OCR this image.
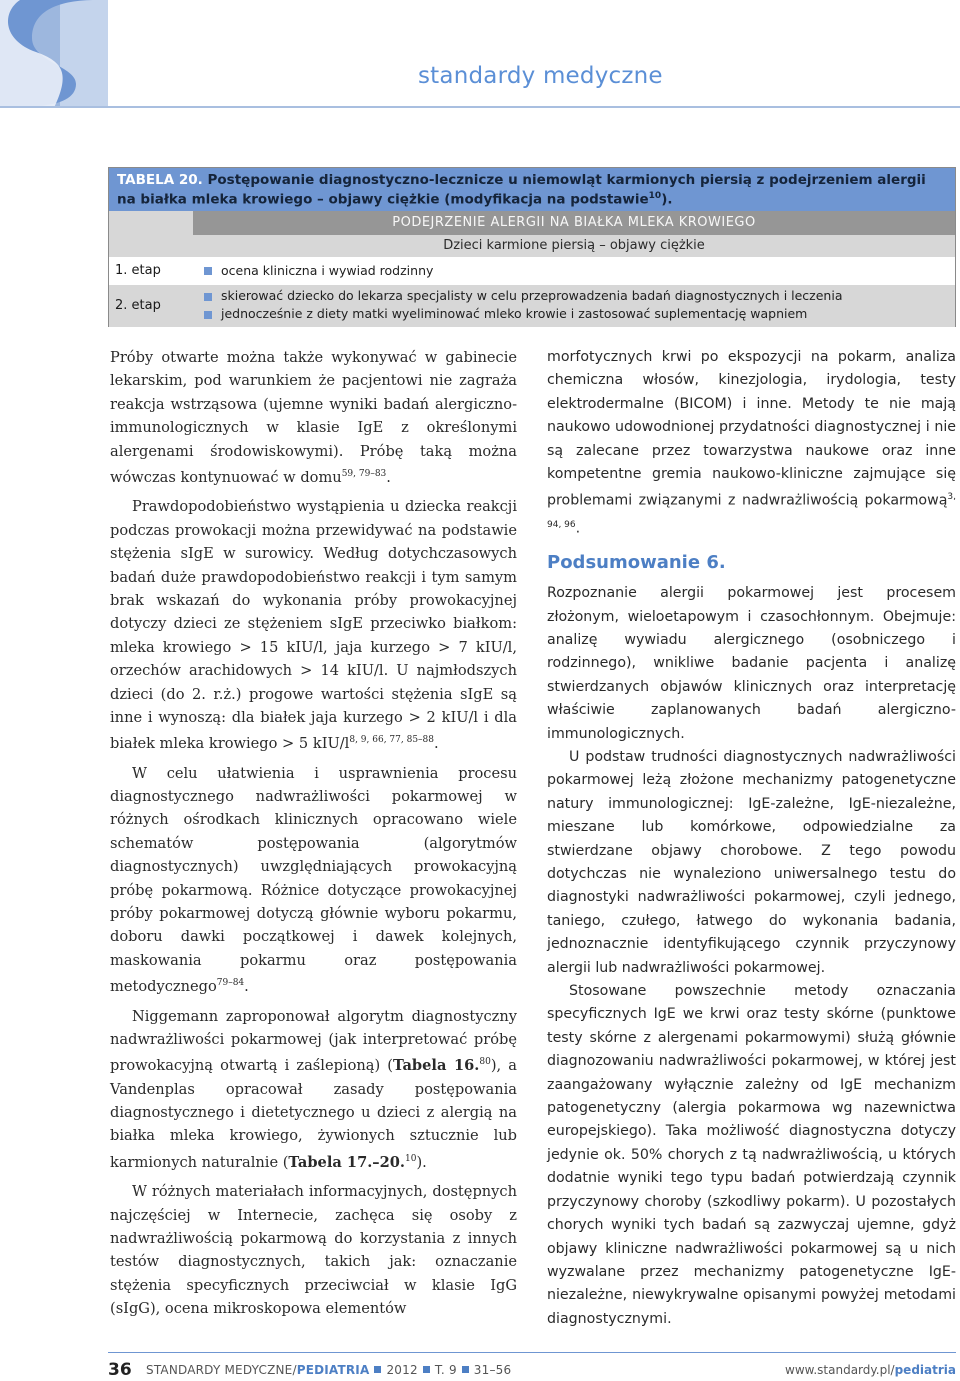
standardy medyczne
TABELA 20. Postępowanie diagnostyczno-lecznicze u niemowląt karmionych piersią z podejrzeniem alergii na białka mleka krowiego – objawy ciężkie (modyfikacja na podstawie$^{10}$).
PODEJRZENIE ALERGII NA BIAŁKA MLEKA KROWIEGO
Dzieci karmione piersią – objawy ciężkie
1. etap	ocena kliniczna i wywiad rodzinny
2. etap
skierować dziecko do lekarza specjalisty w celu przeprowadzenia badań diagnostycznych i leczenia
jednocześnie z diety matki wyeliminować mleko krowie i zastosować suplementację wapniem

Próby otwarte można także wykonywać w gabinecie lekarskim, pod warunkiem że pacjentowi nie zagraża reakcja wstrząsowa (ujemne wyniki badań alergiczno-immunologicznych w klasie IgE z określonymi alergenami środowiskowymi). Próbę taką można wówczas kontynuować w domu$^{59, 79-83}$.

Prawdopodobieństwo wystąpienia u dziecka reakcji podczas prowokacji można przewidywać na podstawie stężenia sIgE w surowicy. Według dotychczasowych badań duże prawdopodobieństwo reakcji i tym samym brak wskazań do wykonania próby prowokacyjnej dotyczy dzieci ze stężeniem sIgE przeciwko białkom: mleka krowiego > 15 kIU/l, jaja kurzego > 7 kIU/l, orzechów arachidowych > 14 kIU/l. U najmłodszych dzieci (do 2. r.ż.) progowe wartości stężenia sIgE są inne i wynoszą: dla białek jaja kurzego > 2 kIU/l i dla białek mleka krowiego > 5 kIU/$l^{8, 9, 66, 77, 85-88}$.

W celu ułatwienia i usprawnienia procesu diagnostycznego nadwrażliwości pokarmowej w różnych ośrodkach klinicznych opracowano wiele schematów postępowania (algorytmów diagnostycznych) uwzględniających prowokacyjną próbę pokarmową. Różnice dotyczące prowokacyjnej próby pokarmowej dotyczą głównie wyboru pokarmu, doboru dawki początkowej i dawek kolejnych, maskowania pokarmu oraz postępowania metodycznego$^{79-84}$.

Niggemann zaproponował algorytm diagnostyczny nadwrażliwości pokarmowej (jak interpretować próbę prowokacyjną otwartą i zaślepioną) (Tabela 16.80), a Vandenplas opracował zasady postępowania diagnostycznego i dietetycznego u dzieci z alergią na białka mleka krowiego, żywionych sztucznie lub karmionych naturalnie (Tabela 17.–20.10).

W różnych materiałach informacyjnych, dostępnych najczęściej w Internecie, zachęca się osoby z nadwrażliwością pokarmową do korzystania z innych testów diagnostycznych, takich jak: oznaczanie stężenia specyficznych przeciwciał w klasie IgG (sIgG), ocena mikroskopowa elementów

morfotycznych krwi po ekspozycji na pokarm, analiza chemiczna włosów, kinezjologia, irydologia, testy elektrodermalne (BICOM) i inne. Metody te nie mają naukowo udowodnionej przydatności diagnostycznej i nie są zalecane przez towarzystwa naukowe oraz inne kompetentne gremia naukowo-kliniczne zajmujące się problemami związanymi z nadwrażliwością pokarmową$^{3, 94, 96}$.

Podsumowanie 6.

Rozpoznanie alergii pokarmowej jest procesem złożonym, wieloetapowym i czasochłonnym. Obejmuje: analizę wywiadu alergicznego (osobniczego i rodzinnego), wnikliwe badanie pacjenta i analizę stwierdzanych objawów klinicznych oraz interpretację właściwie zaplanowanych badań alergiczno-immunologicznych.

U podstaw trudności diagnostycznych nadwrażliwości pokarmowej leżą złożone mechanizmy patogenetyczne natury immunologicznej: IgE-zależne, IgE-niezależne, mieszane lub komórkowe, odpowiedzialne za stwierdzane objawy chorobowe. Z tego powodu dotychczas nie wynaleziono uniwersalnego testu do diagnostyki nadwrażliwości pokarmowej, czyli jednego, taniego, czułego, łatwego do wykonania badania, jednoznacznie identyfikującego czynnik przyczynowy alergii lub nadwrażliwości pokarmowej.

Stosowane powszechnie metody oznaczania specyficznych IgE we krwi oraz testy skórne (punktowe testy skórne z alergenami pokarmowymi) służą głównie diagnozowaniu nadwrażliwości pokarmowej, w której jest zaangażowany wyłącznie zależny od IgE mechanizm patogenetyczny (alergia pokarmowa wg nazewnictwa europejskiego). Taka możliwość diagnostyczna dotyczy jedynie ok. 50% chorych z tą nadwrażliwością, u których dodatnie wyniki tego typu badań potwierdzają czynnik przyczynowy choroby (szkodliwy pokarm). U pozostałych chorych wyniki tych badań są zazwyczaj ujemne, gdyż objawy kliniczne nadwrażliwości pokarmowej są u nich wyzwalane przez mechanizmy patogenetyczne IgE-niezależne, niewykrywalne opisanymi powyżej metodami diagnostycznymi.

36 STANDARDY MEDYCZNE/PEDIATRIA 2012 T. 9 31–56	www.standardy.pl/pediatria
